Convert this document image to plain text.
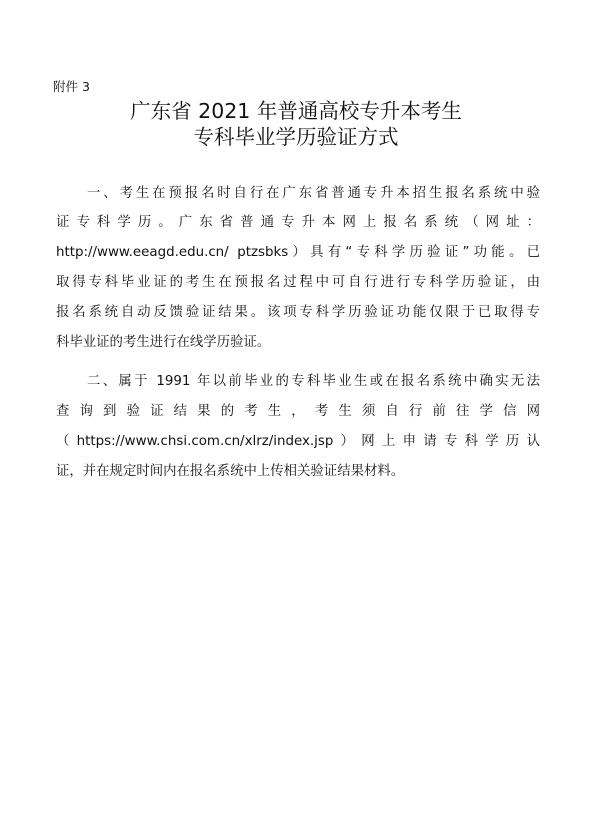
附件 3
广东省 2021 年普通高校专升本考生
专科毕业学历验证方式
一、考生在预报名时自行在广东省普通专升本招生报名系统中验
证 专 科 学 历 。 广 东 省 普 通 专 升 本 网 上 报 名 系 统 （ 网 址 ：
http://www.eeagd.edu.cn/ ptzsbks）具有“专科学历验证”功能。已
取得专科毕业证的考生在预报名过程中可自行进行专科学历验证，由
报名系统自动反馈验证结果。该项专科学历验证功能仅限于已取得专
科毕业证的考生进行在线学历验证。
二、属于 1991 年以前毕业的专科毕业生或在报名系统中确实无法
查 询 到 验 证 结 果 的 考 生 ， 考 生 须 自 行 前 往 学 信 网
（https://www.chsi.com.cn/xlrz/index.jsp）网上申请专科学历认
证，并在规定时间内在报名系统中上传相关验证结果材料。
